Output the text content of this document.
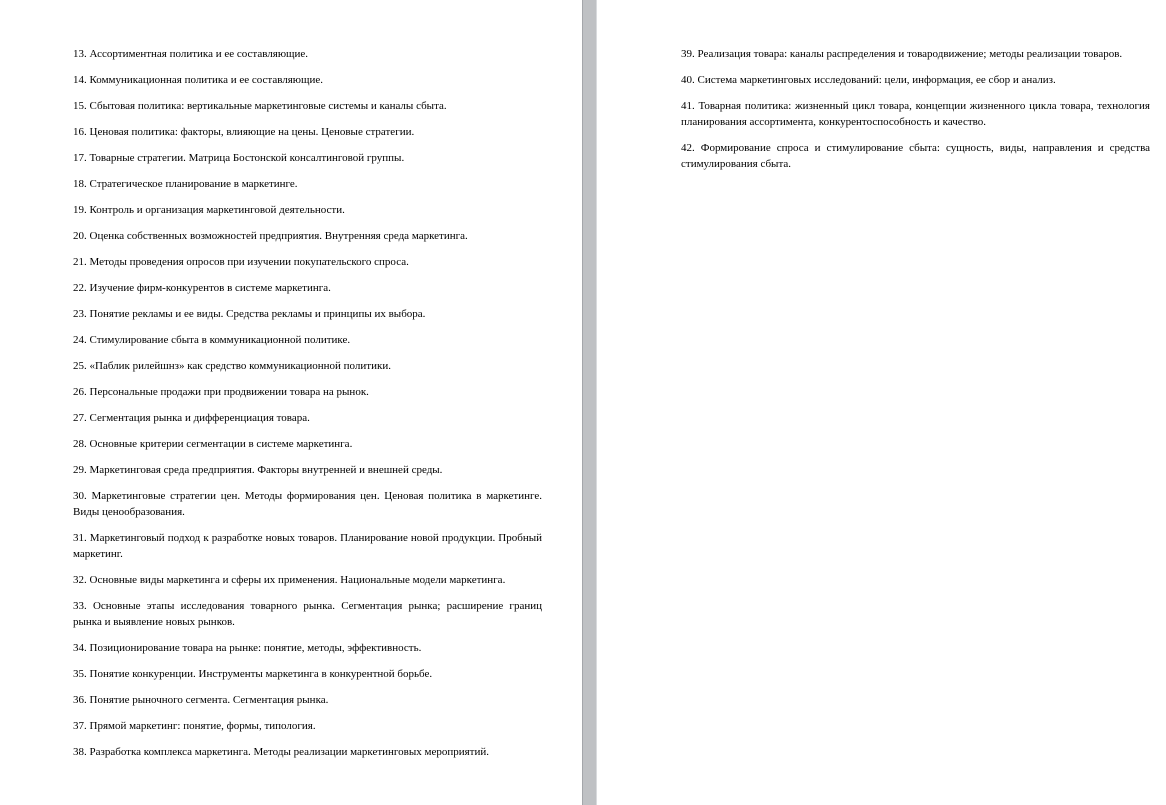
13. Ассортиментная политика и ее составляющие.
14. Коммуникационная политика и ее составляющие.
15. Сбытовая политика: вертикальные маркетинговые системы и каналы сбыта.
16. Ценовая политика: факторы, влияющие на цены. Ценовые стратегии.
17. Товарные стратегии. Матрица Бостонской консалтинговой группы.
18. Стратегическое планирование в маркетинге.
19. Контроль и организация маркетинговой деятельности.
20. Оценка собственных возможностей предприятия. Внутренняя среда маркетинга.
21. Методы проведения опросов при изучении покупательского спроса.
22. Изучение фирм-конкурентов в системе маркетинга.
23. Понятие рекламы и ее виды. Средства рекламы и принципы их выбора.
24. Стимулирование сбыта в коммуникационной политике.
25. «Паблик рилейшнз» как средство коммуникационной политики.
26. Персональные продажи при продвижении товара на рынок.
27. Сегментация рынка и дифференциация товара.
28. Основные критерии сегментации в системе маркетинга.
29. Маркетинговая среда предприятия. Факторы внутренней и внешней среды.
30. Маркетинговые стратегии цен. Методы формирования цен. Ценовая политика в маркетинге. Виды ценообразования.
31. Маркетинговый подход к разработке новых товаров. Планирование новой продукции. Пробный маркетинг.
32. Основные виды маркетинга и сферы их применения. Национальные модели маркетинга.
33. Основные этапы исследования товарного рынка. Сегментация рынка; расширение границ рынка и выявление новых рынков.
34. Позиционирование товара на рынке: понятие, методы, эффективность.
35. Понятие конкуренции. Инструменты маркетинга в конкурентной борьбе.
36. Понятие рыночного сегмента. Сегментация рынка.
37. Прямой маркетинг: понятие, формы, типология.
38. Разработка комплекса маркетинга. Методы реализации маркетинговых мероприятий.
39. Реализация товара: каналы распределения и товародвижение; методы реализации товаров.
40. Система маркетинговых исследований: цели, информация, ее сбор и анализ.
41. Товарная политика: жизненный цикл товара, концепции жизненного цикла товара, технология планирования ассортимента, конкурентоспособность и качество.
42. Формирование спроса и стимулирование сбыта: сущность, виды, направления и средства стимулирования сбыта.
